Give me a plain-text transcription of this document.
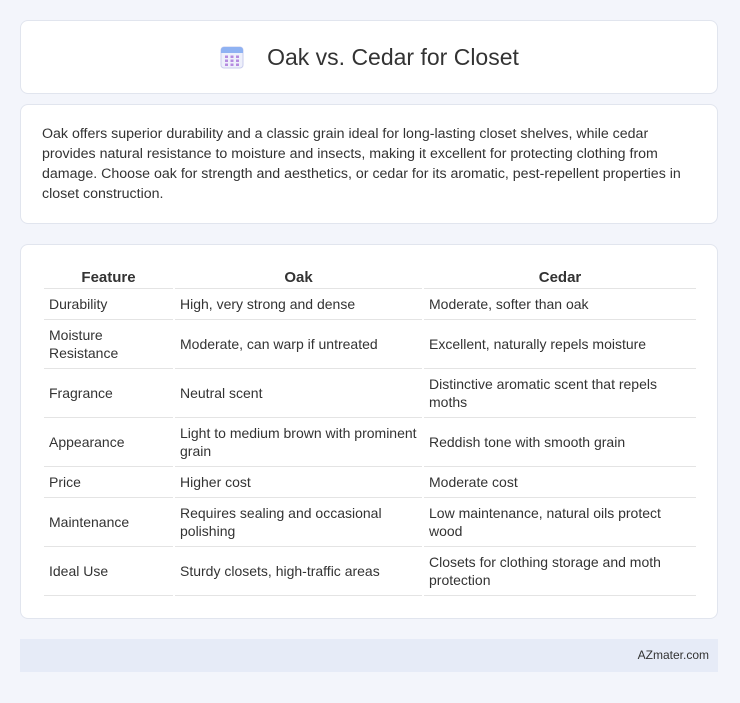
Oak vs. Cedar for Closet

Oak offers superior durability and a classic grain ideal for long-lasting closet shelves, while cedar provides natural resistance to moisture and insects, making it excellent for protecting clothing from damage. Choose oak for strength and aesthetics, or cedar for its aromatic, pest-repellent properties in closet construction.

Feature	Oak	Cedar
Durability	High, very strong and dense	Moderate, softer than oak
Moisture Resistance	Moderate, can warp if untreated	Excellent, naturally repels moisture
Fragrance	Neutral scent	Distinctive aromatic scent that repels moths
Appearance	Light to medium brown with prominent grain	Reddish tone with smooth grain
Price	Higher cost	Moderate cost
Maintenance	Requires sealing and occasional polishing	Low maintenance, natural oils protect wood
Ideal Use	Sturdy closets, high-traffic areas	Closets for clothing storage and moth protection
AZmater.com
